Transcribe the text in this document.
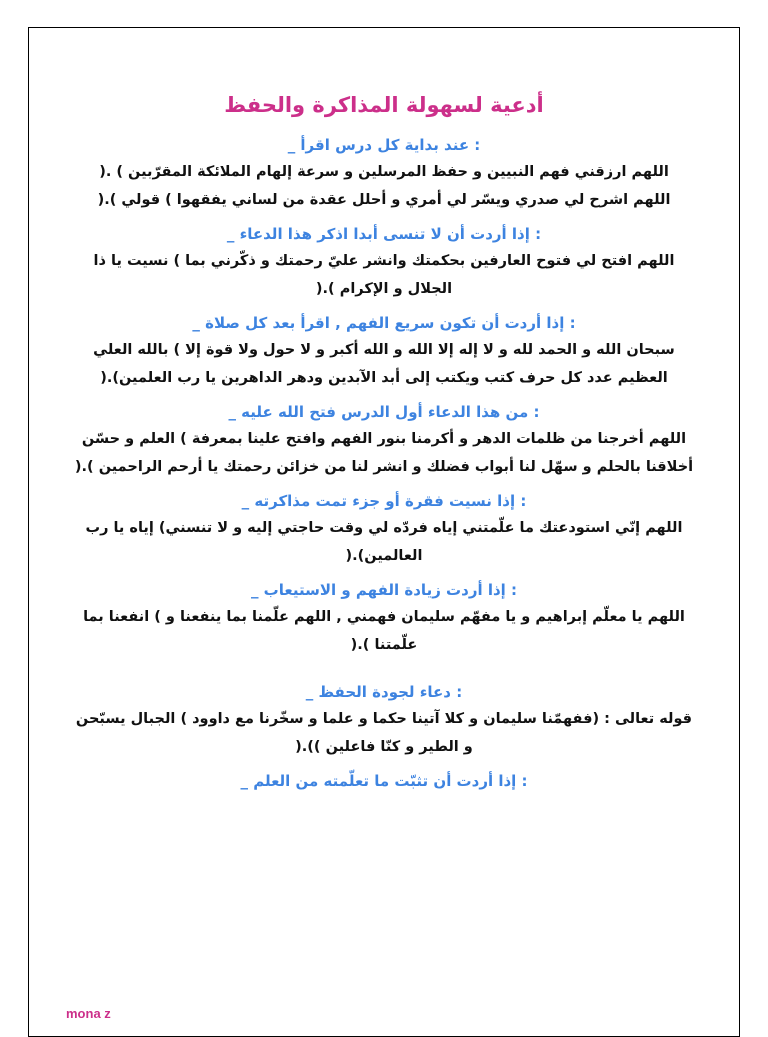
أدعية لسهولة المذاكرة والحفظ
: عند بداية كل درس اقرأ _

اللهم ارزقني فهم النبيين و حفظ المرسلين و سرعة إلهام الملائكة المقرّبين ) .(

اللهم اشرح لي صدري ويسّر لي أمري و أحلل عقدة من لساني يفقهوا ) قولي ).(

: إذا أردت أن لا تنسى أبدا اذكر هذا الدعاء _

اللهم افتح لي فتوح العارفين بحكمتك وانشر عليّ رحمتك و ذكّرني بما ) نسيت يا ذا الجلال و الإكرام ).(

: إذا أردت أن تكون سريع الفهم , اقرأ بعد كل صلاة _

سبحان الله و الحمد لله و لا إله إلا الله و الله أكبر و لا حول ولا قوة إلا ) بالله العلي العظيم عدد كل حرف كتب ويكتب إلى أبد الآبدين ودهر الداهرين يا رب العلمين).(

: من هذا الدعاء أول الدرس فتح الله عليه _

اللهم أخرجنا من ظلمات الدهر و أكرمنا بنور الفهم وافتح علينا بمعرفة ) العلم و حسّن أخلاقنا بالحلم و سهّل لنا أبواب فضلك و انشر لنا من خزائن رحمتك يا أرحم الراحمين ).(

: إذا نسيت فقرة أو جزء تمت مذاكرته _

اللهم إنّي استودعتك ما علّمتني إياه فردّه لي وقت حاجتي إليه و لا تنسني) إياه يا رب العالمين).(

: إذا أردت زيادة الفهم و الاستيعاب _

اللهم يا معلّم إبراهيم و يا مفهّم سليمان فهمني , اللهم علّمنا بما ينفعنا و ) انفعنا بما علّمتنا ).(

: دعاء لجودة الحفظ _

قوله تعالى : (ففهمّنا سليمان و كلا آتينا حكما و علما و سخّرنا مع داوود ) الجبال يسبّحن و الطير و كنّا فاعلين )).(

: إذا أردت أن تثبّت ما تعلّمته من العلم _
mona z
